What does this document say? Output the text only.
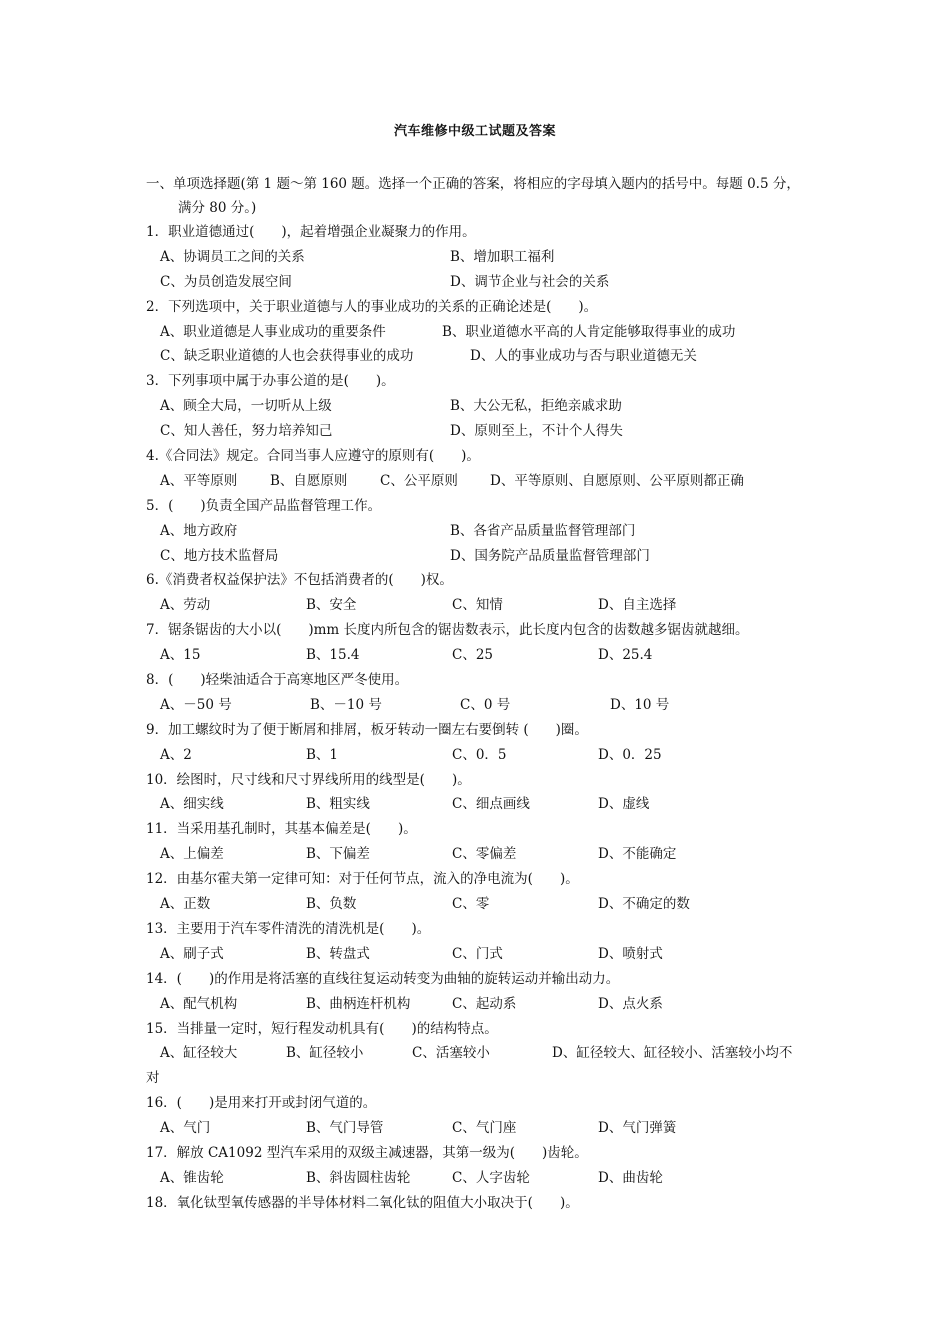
汽车维修中级工试题及答案
一、单项选择题(第 1 题～第 160 题。选择一个正确的答案，将相应的字母填入题内的括号中。每题 0.5 分，
满分 80 分。)
1．职业道德通过(　　)，起着增强企业凝聚力的作用。
A、协调员工之间的关系	B、增加职工福利
C、为员创造发展空间	D、调节企业与社会的关系
2．下列选项中，关于职业道德与人的事业成功的关系的正确论述是(　　)。
A、职业道德是人事业成功的重要条件	B、职业道德水平高的人肯定能够取得事业的成功
C、缺乏职业道德的人也会获得事业的成功	D、人的事业成功与否与职业道德无关
3．下列事项中属于办事公道的是(　　)。
A、顾全大局，一切听从上级	B、大公无私，拒绝亲戚求助
C、知人善任，努力培养知己	D、原则至上，不计个人得失
4.《合同法》规定。合同当事人应遵守的原则有(　　)。
A、平等原则 B、自愿原则 C、公平原则 D、平等原则、自愿原则、公平原则都正确
5．(　　)负责全国产品监督管理工作。
A、地方政府	B、各省产品质量监督管理部门
C、地方技术监督局	D、国务院产品质量监督管理部门
6.《消费者权益保护法》不包括消费者的(　　)权。
A、劳动	B、安全	C、知情	D、自主选择
7．锯条锯齿的大小以(　　)mm 长度内所包含的锯齿数表示，此长度内包含的齿数越多锯齿就越细。
A、15	B、15.4	C、25	D、25.4
8．(　　)轻柴油适合于高寒地区严冬使用。
A、－50 号	B、－10 号	C、0 号	D、10 号
9．加工螺纹时为了便于断屑和排屑，板牙转动一圈左右要倒转 (　　)圈。
A、2	B、1	C、0．5	D、0．25
10．绘图时，尺寸线和尺寸界线所用的线型是(　　)。
A、细实线	B、粗实线	C、细点画线	D、虚线
11．当采用基孔制时，其基本偏差是(　　)。
A、上偏差	B、下偏差	C、零偏差	D、不能确定
12．由基尔霍夫第一定律可知：对于任何节点，流入的净电流为(　　)。
A、正数	B、负数	C、零	D、不确定的数
13．主要用于汽车零件清洗的清洗机是(　　)。
A、刷子式	B、转盘式	C、门式	D、喷射式
14．(　　)的作用是将活塞的直线往复运动转变为曲轴的旋转运动并输出动力。
A、配气机构	B、曲柄连杆机构	C、起动系	D、点火系
15．当排量一定时，短行程发动机具有(　　)的结构特点。
A、缸径较大	B、缸径较小	C、活塞较小	D、缸径较大、缸径较小、活塞较小均不
对
16．(　　)是用来打开或封闭气道的。
A、气门	B、气门导管	C、气门座	D、气门弹簧
17．解放 CA1092 型汽车采用的双级主减速器，其第一级为(　　)齿轮。
A、锥齿轮	B、斜齿圆柱齿轮	C、人字齿轮	D、曲齿轮
18．氧化钛型氧传感器的半导体材料二氧化钛的阻值大小取决于(　　)。
